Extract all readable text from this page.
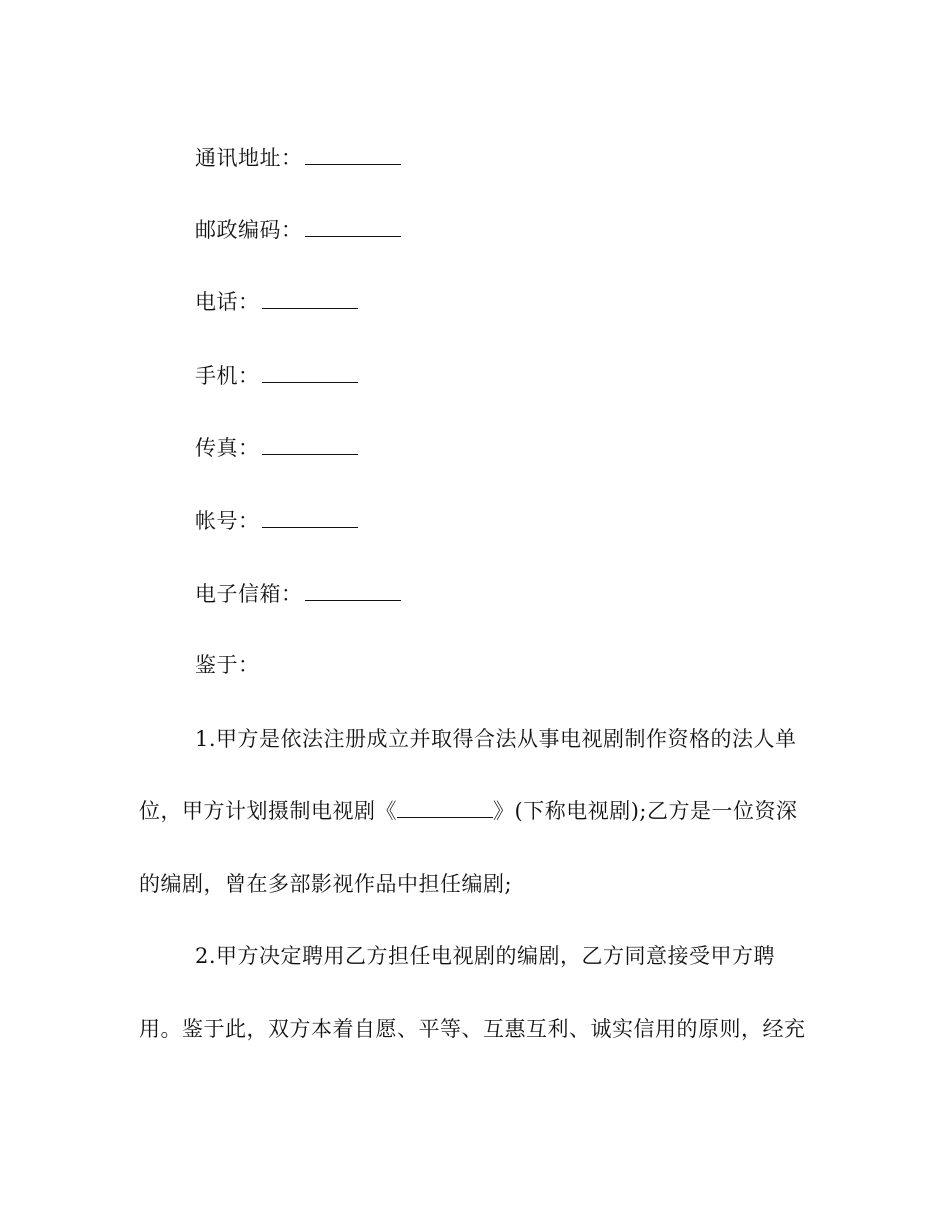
通讯地址：
邮政编码：
电话：
手机：
传真：
帐号：
电子信箱：
鉴于：
1.甲方是依法注册成立并取得合法从事电视剧制作资格的法人单
位，甲方计划摄制电视剧《	》(下称电视剧);乙方是一位资深
的编剧，曾在多部影视作品中担任编剧;
2.甲方决定聘用乙方担任电视剧的编剧，乙方同意接受甲方聘
用。鉴于此，双方本着自愿、平等、互惠互利、诚实信用的原则，经充
